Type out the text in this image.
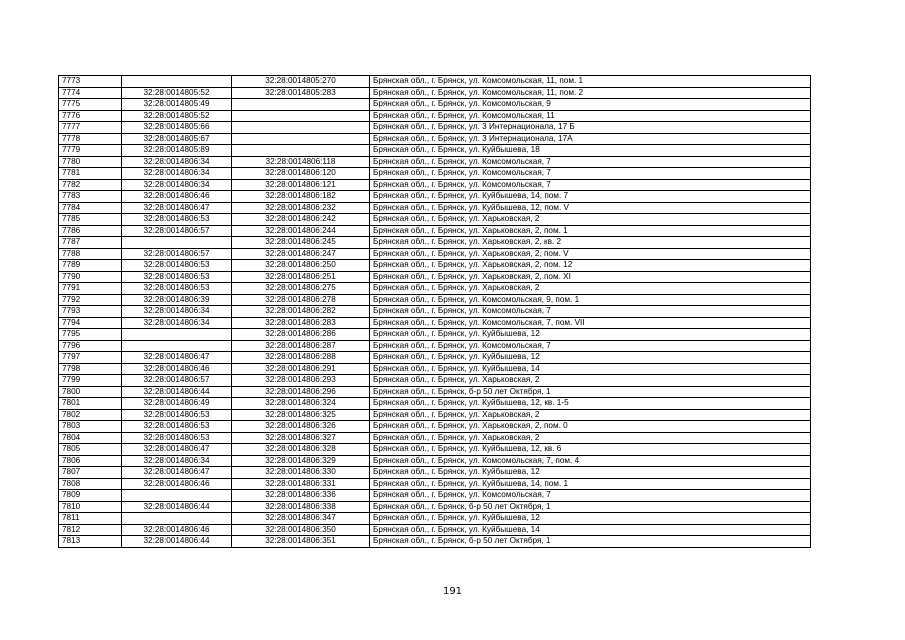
7773		32:28:0014805:270	Брянская обл., г. Брянск, ул. Комсомольская, 11, пом. 1
7774	32:28:0014805:52	32:28:0014805:283	Брянская обл., г. Брянск, ул. Комсомольская, 11, пом. 2
7775	32:28:0014805:49		Брянская обл., г. Брянск, ул. Комсомольская, 9
7776	32:28:0014805:52		Брянская обл., г. Брянск, ул. Комсомольская, 11
7777	32:28:0014805:66		Брянская обл., г. Брянск, ул. 3 Интернационала, 17 Б
7778	32:28:0014805:67		Брянская обл., г. Брянск, ул. 3 Интернационала, 17А
7779	32:28:0014805:89		Брянская обл., г. Брянск, ул. Куйбышева, 18
7780	32:28:0014806:34	32:28:0014806:118	Брянская обл., г. Брянск, ул. Комсомольская, 7
7781	32:28:0014806:34	32:28:0014806:120	Брянская обл., г. Брянск, ул. Комсомольская, 7
7782	32:28:0014806:34	32:28:0014806:121	Брянская обл., г. Брянск, ул. Комсомольская, 7
7783	32:28:0014806:46	32:28:0014806:182	Брянская обл., г. Брянск, ул. Куйбышева, 14, пом. 7
7784	32:28:0014806:47	32:28:0014806:232	Брянская обл., г. Брянск, ул. Куйбышева, 12, пом. V
7785	32:28:0014806:53	32:28:0014806:242	Брянская обл., г. Брянск, ул. Харьковская, 2
7786	32:28:0014806:57	32:28:0014806:244	Брянская обл., г. Брянск, ул. Харьковская, 2, пом. 1
7787		32:28:0014806:245	Брянская обл., г. Брянск, ул. Харьковская, 2, кв. 2
7788	32:28:0014806:57	32:28:0014806:247	Брянская обл., г. Брянск, ул. Харьковская, 2, пом. V
7789	32:28:0014806:53	32:28:0014806:250	Брянская обл., г. Брянск, ул. Харьковская, 2, пом. 12
7790	32:28:0014806:53	32:28:0014806:251	Брянская обл., г. Брянск, ул. Харьковская, 2, пом. XI
7791	32:28:0014806:53	32:28:0014806:275	Брянская обл., г. Брянск, ул. Харьковская, 2
7792	32:28:0014806:39	32:28:0014806:278	Брянская обл., г. Брянск, ул. Комсомольская, 9, пом. 1
7793	32:28:0014806:34	32:28:0014806:282	Брянская обл., г. Брянск, ул. Комсомольская, 7
7794	32:28:0014806:34	32:28:0014806:283	Брянская обл., г. Брянск, ул. Комсомольская, 7, пом. VII
7795		32:28:0014806:286	Брянская обл., г. Брянск, ул. Куйбышева, 12
7796		32:28:0014806:287	Брянская обл., г. Брянск, ул. Комсомольская, 7
7797	32:28:0014806:47	32:28:0014806:288	Брянская обл., г. Брянск, ул. Куйбышева, 12
7798	32:28:0014806:46	32:28:0014806:291	Брянская обл., г. Брянск, ул. Куйбышева, 14
7799	32:28:0014806:57	32:28:0014806:293	Брянская обл., г. Брянск, ул. Харьковская, 2
7800	32:28:0014806:44	32:28:0014806:296	Брянская обл., г. Брянск, б-р 50 лет Октября, 1
7801	32:28:0014806:49	32:28:0014806:324	Брянская обл., г. Брянск, ул. Куйбышева, 12, кв. 1-5
7802	32:28:0014806:53	32:28:0014806:325	Брянская обл., г. Брянск, ул. Харьковская, 2
7803	32:28:0014806:53	32:28:0014806:326	Брянская обл., г. Брянск, ул. Харьковская, 2, пом. 0
7804	32:28:0014806:53	32:28:0014806:327	Брянская обл., г. Брянск, ул. Харьковская, 2
7805	32:28:0014806:47	32:28:0014806:328	Брянская обл., г. Брянск, ул. Куйбышева, 12, кв. 6
7806	32:28:0014806:34	32:28:0014806:329	Брянская обл., г. Брянск, ул. Комсомольская, 7, пом. 4
7807	32:28:0014806:47	32:28:0014806:330	Брянская обл., г. Брянск, ул. Куйбышева, 12
7808	32:28:0014806:46	32:28:0014806:331	Брянская обл., г. Брянск, ул. Куйбышева, 14, пом. 1
7809		32:28:0014806:336	Брянская обл., г. Брянск, ул. Комсомольская, 7
7810	32:28:0014806:44	32:28:0014806:338	Брянская обл., г. Брянск, б-р 50 лет Октября, 1
7811		32:28:0014806:347	Брянская обл., г. Брянск, ул. Куйбышева, 12
7812	32:28:0014806:46	32:28:0014806:350	Брянская обл., г. Брянск, ул. Куйбышева, 14
7813	32:28:0014806:44	32:28:0014806:351	Брянская обл., г. Брянск, б-р 50 лет Октября, 1
191
